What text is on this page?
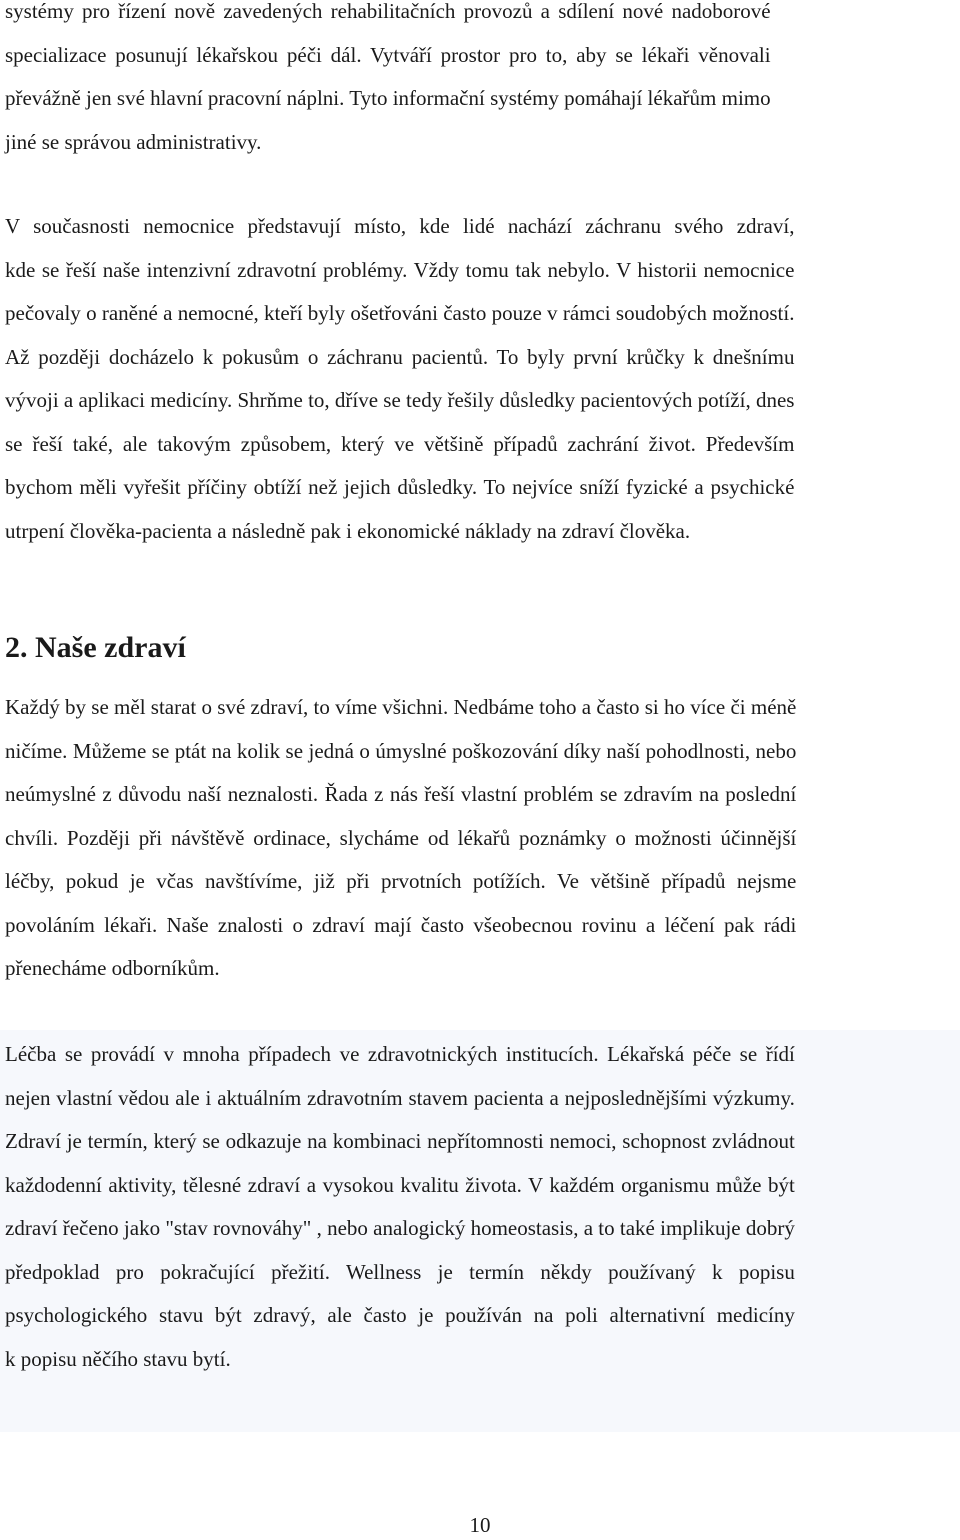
systémy pro řízení nově zavedených rehabilitačních provozů a sdílení nové nadoborové
specializace posunují lékařskou péči dál. Vytváří prostor pro to, aby se lékaři věnovali
převážně jen své hlavní pracovní náplni. Tyto informační systémy pomáhají lékařům mimo
jiné se správou administrativy.
V současnosti nemocnice představují místo, kde lidé nachází záchranu svého zdraví,
kde se řeší naše intenzivní zdravotní problémy. Vždy tomu tak nebylo. V historii nemocnice
pečovaly o raněné a nemocné, kteří byly ošetřováni často pouze v rámci soudobých možností.
Až později docházelo k pokusům o záchranu pacientů. To byly první krůčky k dnešnímu
vývoji a aplikaci medicíny. Shrňme to, dříve se tedy řešily důsledky pacientových potíží, dnes
se řeší také, ale takovým způsobem, který ve většině případů zachrání život. Především
bychom měli vyřešit příčiny obtíží než jejich důsledky. To nejvíce sníží fyzické a psychické
utrpení člověka-pacienta a následně pak i ekonomické náklady na zdraví člověka.
2. Naše zdraví
Každý by se měl starat o své zdraví, to víme všichni. Nedbáme toho a často si ho více či méně
ničíme. Můžeme se ptát na kolik se jedná o úmyslné poškozování díky naší pohodlnosti, nebo
neúmyslné z důvodu naší neznalosti. Řada z nás řeší vlastní problém se zdravím na poslední
chvíli. Později při návštěvě ordinace, slycháme od lékařů poznámky o možnosti účinnější
léčby, pokud je včas navštívíme, již při prvotních potížích. Ve většině případů nejsme
povoláním lékaři. Naše znalosti o zdraví mají často všeobecnou rovinu a léčení pak rádi
přenecháme odborníkům.
Léčba se provádí v mnoha případech ve zdravotnických institucích. Lékařská péče se řídí
nejen vlastní vědou ale i aktuálním zdravotním stavem pacienta a nejposlednějšími výzkumy.
Zdraví je termín, který se odkazuje na kombinaci nepřítomnosti nemoci, schopnost zvládnout
každodenní aktivity, tělesné zdraví a vysokou kvalitu života. V každém organismu může být
zdraví řečeno jako "stav rovnováhy" , nebo analogický homeostasis, a to také implikuje dobrý
předpoklad pro pokračující přežití. Wellness je termín někdy používaný k popisu
psychologického stavu být zdravý, ale často je používán na poli alternativní medicíny
k popisu něčího stavu bytí.
10
